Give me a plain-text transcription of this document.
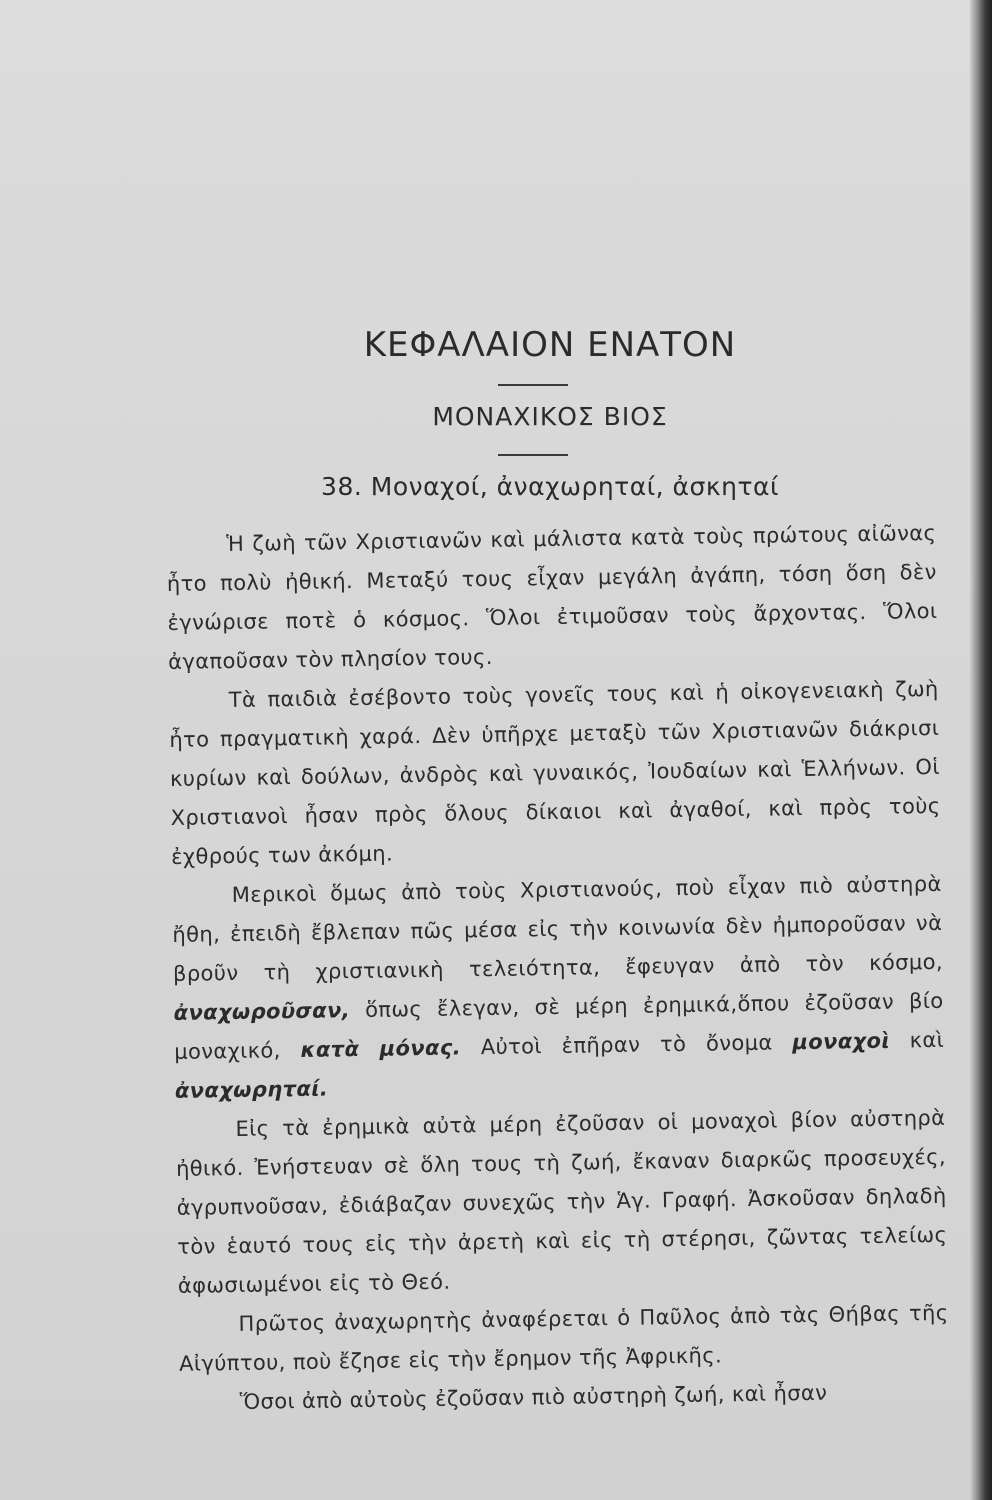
ΚΕΦΑΛΑΙΟΝ ΕΝΑΤΟΝ
ΜΟΝΑΧΙΚΟΣ ΒΙΟΣ
38. Μοναχοί, ἀναχωρηταί, ἀσκηταί

Ἡ ζωὴ τῶν Χριστιανῶν καὶ μάλιστα κατὰ τοὺς πρώτους αἰῶνας ἦτο πολὺ ἠθική. Μεταξύ τους εἶχαν μεγάλη ἀγάπη, τόση ὅση δὲν ἐγνώρισε ποτὲ ὁ κόσμος. Ὅλοι ἐτιμοῦσαν τοὺς ἄρχοντας. Ὅλοι ἀγαποῦσαν τὸν πλησίον τους.

Τὰ παιδιὰ ἐσέβοντο τοὺς γονεῖς τους καὶ ἡ οἰκογενειακὴ ζωὴ ἦτο πραγματικὴ χαρά. Δὲν ὑπῆρχε μεταξὺ τῶν Χριστιανῶν διάκρισι κυρίων καὶ δούλων, ἀνδρὸς καὶ γυναικός, Ἰουδαίων καὶ Ἑλλήνων. Οἱ Χριστιανοὶ ἦσαν πρὸς ὅλους δίκαιοι καὶ ἀγαθοί, καὶ πρὸς τοὺς ἐχθρούς των ἀκόμη.

Μερικοὶ ὅμως ἀπὸ τοὺς Χριστιανούς, ποὺ εἶχαν πιὸ αὐστηρὰ ἤθη, ἐπειδὴ ἔβλεπαν πῶς μέσα εἰς τὴν κοινωνία δὲν ἠμποροῦσαν νὰ βροῦν τὴ χριστιανικὴ τελειότητα, ἔφευγαν ἀπὸ τὸν κόσμο, ἀναχωροῦσαν, ὅπως ἔλεγαν, σὲ μέρη ἐρημικά,ὅπου ἐζοῦσαν βίο μοναχικό, κατὰ μόνας. Αὐτοὶ ἐπῆραν τὸ ὄνομα μοναχοὶ καὶ ἀναχωρηταί.

Εἰς τὰ ἐρημικὰ αὐτὰ μέρη ἐζοῦσαν οἱ μοναχοὶ βίον αὐστηρὰ ἠθικό. Ἐνήστευαν σὲ ὅλη τους τὴ ζωή, ἔκαναν διαρκῶς προσευχές, ἀγρυπνοῦσαν, ἐδιάβαζαν συνεχῶς τὴν Ἁγ. Γραφή. Ἀσκοῦσαν δηλαδὴ τὸν ἑαυτό τους εἰς τὴν ἀρετὴ καὶ εἰς τὴ στέρησι, ζῶντας τελείως ἀφωσιωμένοι εἰς τὸ Θεό.

Πρῶτος ἀναχωρητὴς ἀναφέρεται ὁ Παῦλος ἀπὸ τὰς Θήβας τῆς Αἰγύπτου, ποὺ ἔζησε εἰς τὴν ἔρημον τῆς Ἀφρικῆς.

Ὅσοι ἀπὸ αὐτοὺς ἐζοῦσαν πιὸ αὐστηρὴ ζωή, καὶ ἦσαν
